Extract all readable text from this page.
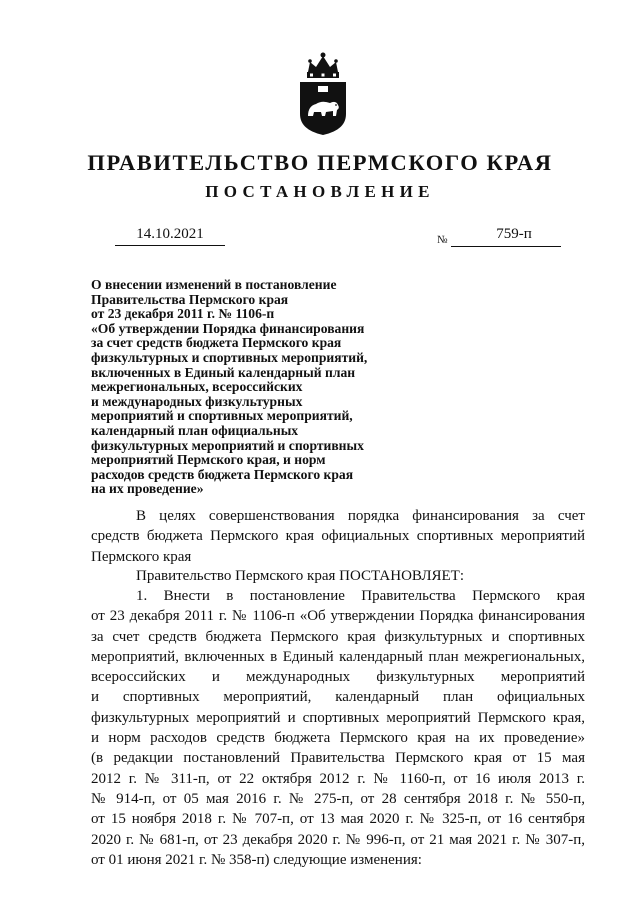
ПРАВИТЕЛЬСТВО ПЕРМСКОГО КРАЯ
ПОСТАНОВЛЕНИЕ
14.10.2021	№	759-п
О внесении изменений в постановление
Правительства Пермского края
от 23 декабря 2011 г. № 1106-п
«Об утверждении Порядка финансирования
за счет средств бюджета Пермского края
физкультурных и спортивных мероприятий,
включенных в Единый календарный план
межрегиональных, всероссийских
и международных физкультурных
мероприятий и спортивных мероприятий,
календарный план официальных
физкультурных мероприятий и спортивных
мероприятий Пермского края, и норм
расходов средств бюджета Пермского края
на их проведение»
В целях совершенствования порядка финансирования за счет
средств бюджета Пермского края официальных спортивных мероприятий
Пермского края
Правительство Пермского края ПОСТАНОВЛЯЕТ:
1. Внести в постановление Правительства Пермского края
от 23 декабря 2011 г. № 1106-п «Об утверждении Порядка финансирования
за счет средств бюджета Пермского края физкультурных и спортивных
мероприятий, включенных в Единый календарный план межрегиональных,
всероссийских и международных физкультурных мероприятий
и спортивных мероприятий, календарный план официальных
физкультурных мероприятий и спортивных мероприятий Пермского края,
и норм расходов средств бюджета Пермского края на их проведение»
(в редакции постановлений Правительства Пермского края от 15 мая
2012 г. № 311-п, от 22 октября 2012 г. № 1160-п, от 16 июля 2013 г.
№ 914-п, от 05 мая 2016 г. № 275-п, от 28 сентября 2018 г. № 550-п,
от 15 ноября 2018 г. № 707-п, от 13 мая 2020 г. № 325-п, от 16 сентября
2020 г. № 681-п, от 23 декабря 2020 г. № 996-п, от 21 мая 2021 г. № 307-п,
от 01 июня 2021 г. № 358-п) следующие изменения:
